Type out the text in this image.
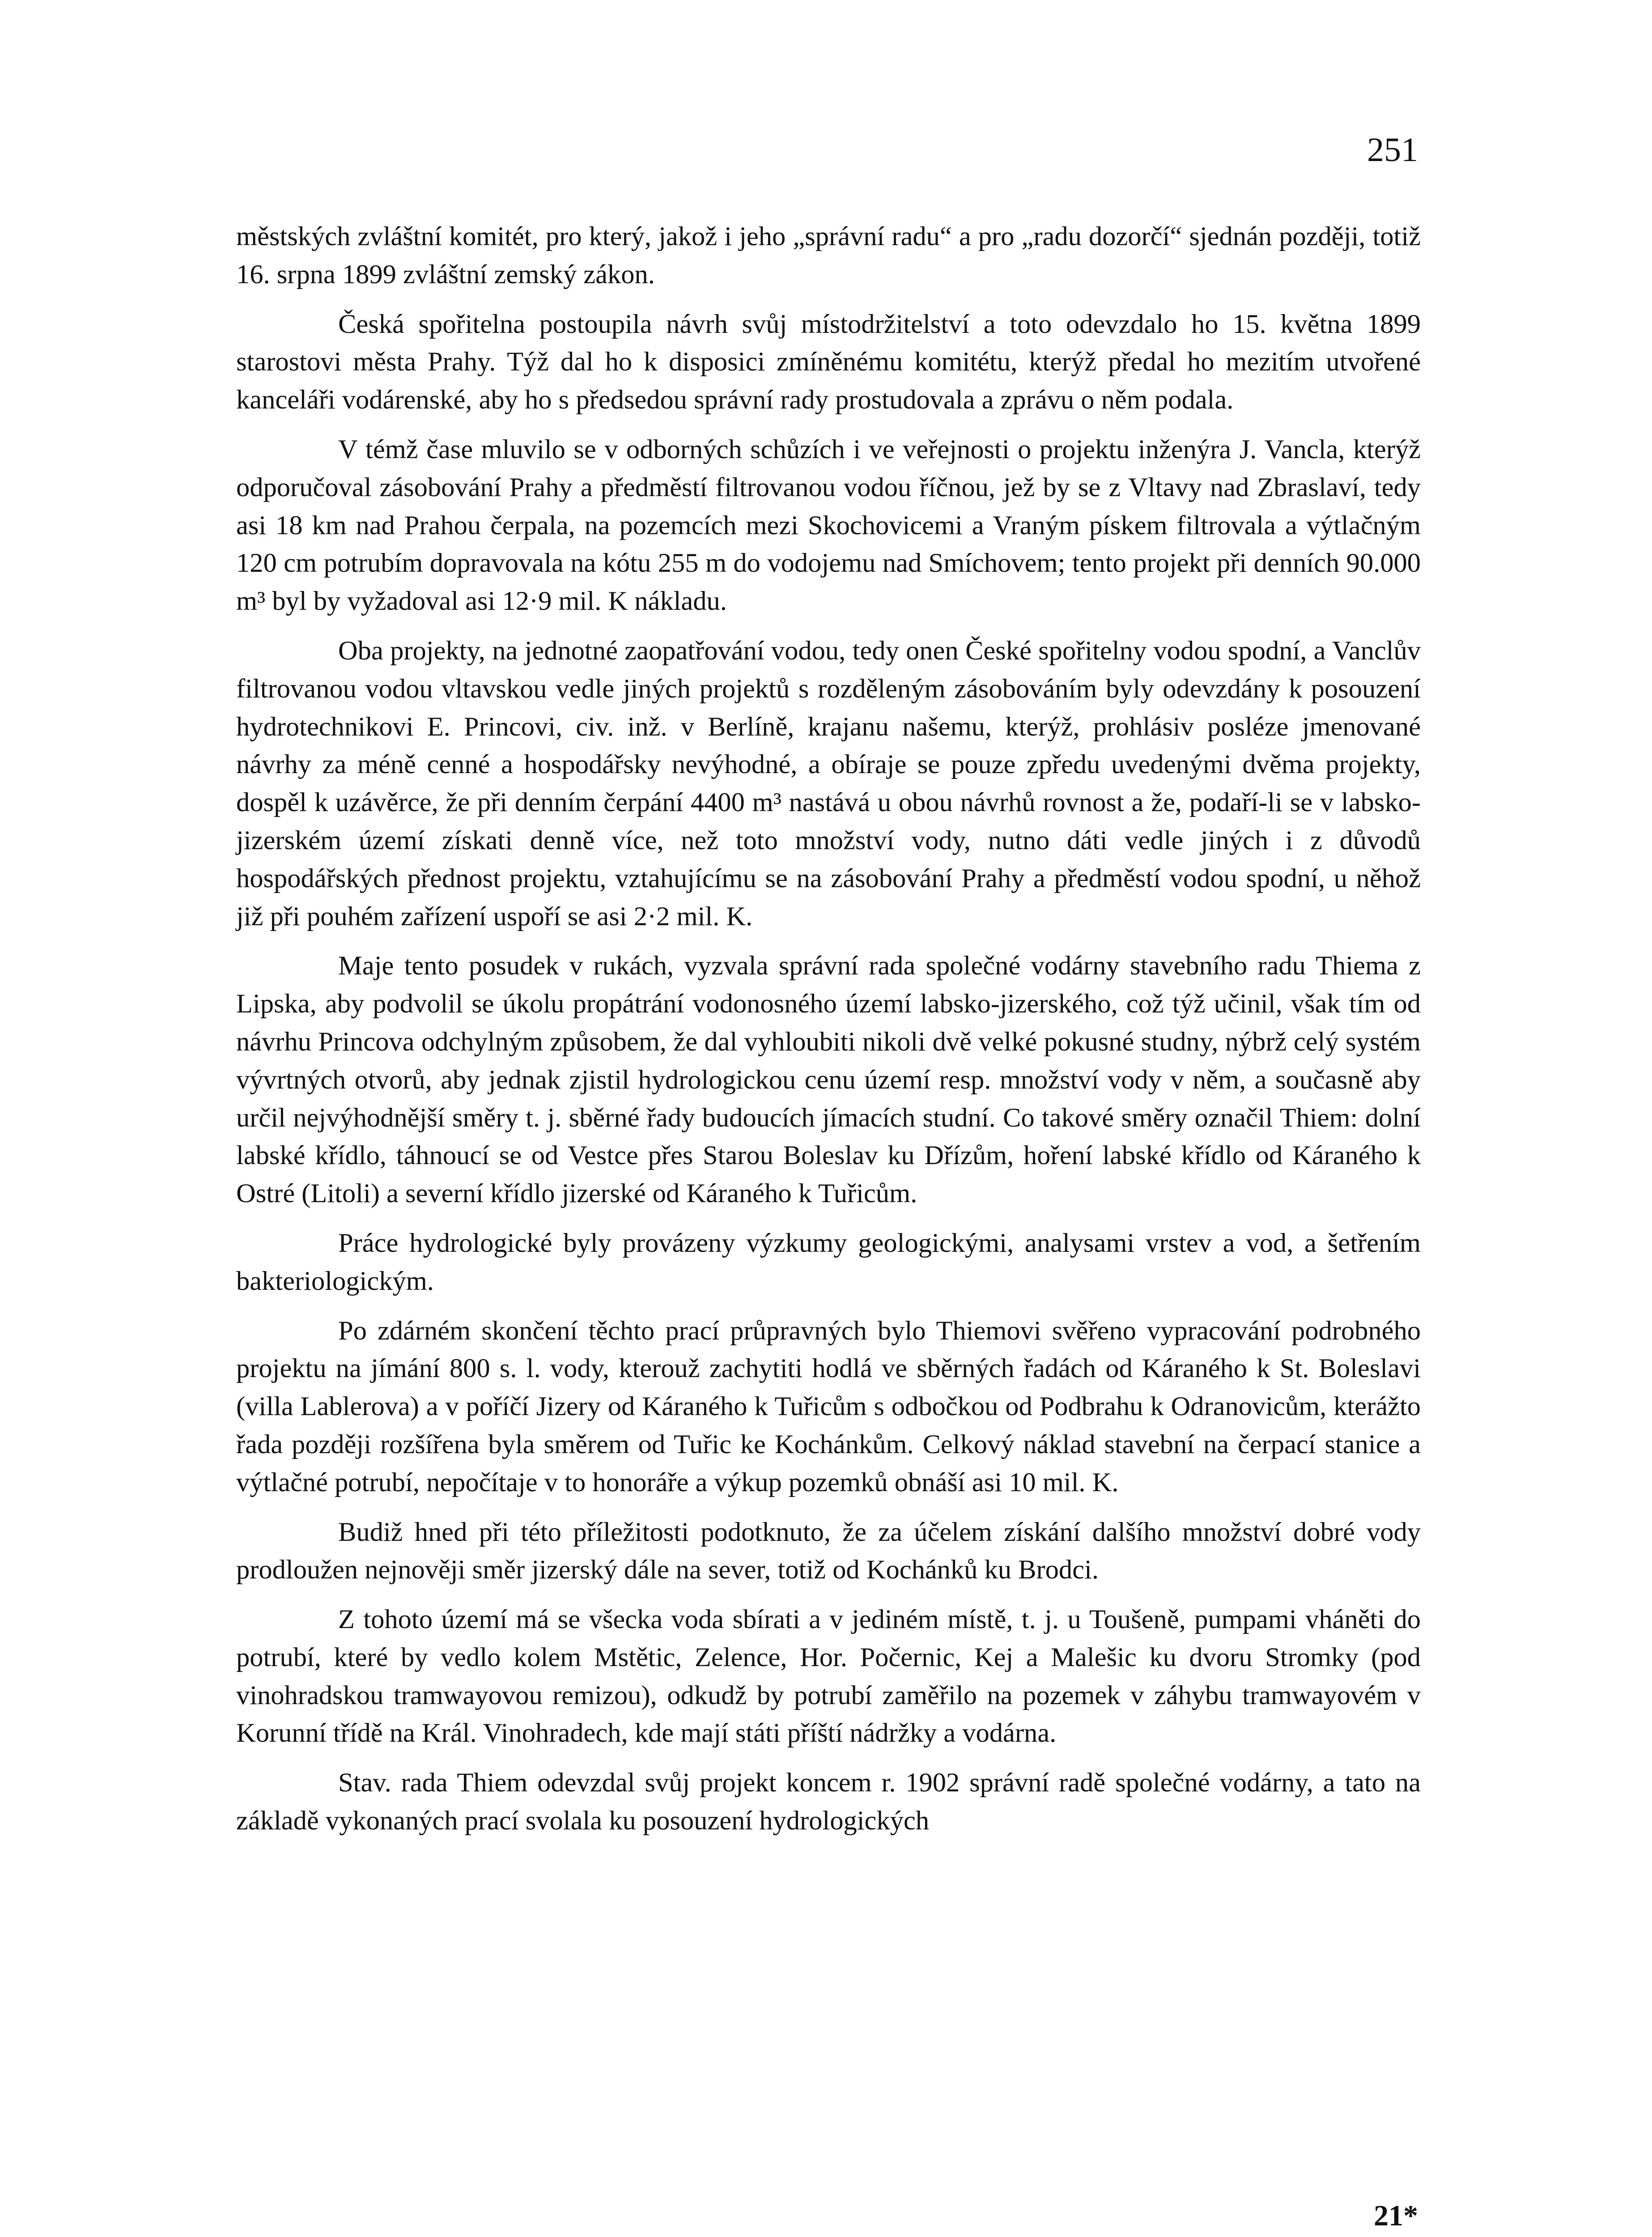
251

městských zvláštní komitét, pro který, jakož i jeho „správní radu“ a pro „radu dozorčí“ sjednán později, totiž 16. srpna 1899 zvláštní zemský zákon.

Česká spořitelna postoupila návrh svůj místodržitelství a toto odevzdalo ho 15. května 1899 starostovi města Prahy. Týž dal ho k disposici zmíněnému komitétu, kterýž předal ho mezitím utvořené kanceláři vodárenské, aby ho s předsedou správní rady prostudovala a zprávu o něm podala.

V témž čase mluvilo se v odborných schůzích i ve veřejnosti o projektu inženýra J. Vancla, kterýž odporučoval zásobování Prahy a předměstí filtrovanou vodou říčnou, jež by se z Vltavy nad Zbraslaví, tedy asi 18 km nad Prahou čerpala, na pozemcích mezi Skochovicemi a Vraným pískem filtrovala a výtlačným 120 cm potrubím dopravovala na kótu 255 m do vodojemu nad Smíchovem; tento projekt při denních 90.000 m³ byl by vyžadoval asi 12·9 mil. K nákladu.

Oba projekty, na jednotné zaopatřování vodou, tedy onen České spořitelny vodou spodní, a Vanclův filtrovanou vodou vltavskou vedle jiných projektů s rozděleným zásobováním byly odevzdány k posouzení hydrotechnikovi E. Princovi, civ. inž. v Berlíně, krajanu našemu, kterýž, prohlásiv posléze jmenované návrhy za méně cenné a hospodářsky nevýhodné, a obíraje se pouze zpředu uvedenými dvěma projekty, dospěl k uzávěrce, že při denním čerpání 4400 m³ nastává u obou návrhů rovnost a že, podaří-li se v labsko-jizerském území získati denně více, než toto množství vody, nutno dáti vedle jiných i z důvodů hospodářských přednost projektu, vztahujícímu se na zásobování Prahy a předměstí vodou spodní, u něhož již při pouhém zařízení uspoří se asi 2·2 mil. K.

Maje tento posudek v rukách, vyzvala správní rada společné vodárny stavebního radu Thiema z Lipska, aby podvolil se úkolu propátrání vodonosného území labsko-jizerského, což týž učinil, však tím od návrhu Princova odchylným způsobem, že dal vyhloubiti nikoli dvě velké pokusné studny, nýbrž celý systém vývrtných otvorů, aby jednak zjistil hydrologickou cenu území resp. množství vody v něm, a současně aby určil nejvýhodnější směry t. j. sběrné řady budoucích jímacích studní. Co takové směry označil Thiem: dolní labské křídlo, táhnoucí se od Vestce přes Starou Boleslav ku Dřízům, hoření labské křídlo od Káraného k Ostré (Litoli) a severní křídlo jizerské od Káraného k Tuřicům.

Práce hydrologické byly provázeny výzkumy geologickými, analysami vrstev a vod, a šetřením bakteriologickým.

Po zdárném skončení těchto prací průpravných bylo Thiemovi svěřeno vypracování podrobného projektu na jímání 800 s. l. vody, kterouž zachytiti hodlá ve sběrných řadách od Káraného k St. Boleslavi (villa Lablerova) a v poříčí Jizery od Káraného k Tuřicům s odbočkou od Podbrahu k Odranovicům, kterážto řada později rozšířena byla směrem od Tuřic ke Kochánkům. Celkový náklad stavební na čerpací stanice a výtlačné potrubí, nepočítaje v to honoráře a výkup pozemků obnáší asi 10 mil. K.

Budiž hned při této příležitosti podotknuto, že za účelem získání dalšího množství dobré vody prodloužen nejnověji směr jizerský dále na sever, totiž od Kochánků ku Brodci.

Z tohoto území má se všecka voda sbírati a v jediném místě, t. j. u Toušeně, pumpami vháněti do potrubí, které by vedlo kolem Mstětic, Zelence, Hor. Počernic, Kej a Malešic ku dvoru Stromky (pod vinohradskou tramwayovou remizou), odkudž by potrubí zaměřilo na pozemek v záhybu tramwayovém v Korunní třídě na Král. Vinohradech, kde mají státi příští nádržky a vodárna.

Stav. rada Thiem odevzdal svůj projekt koncem r. 1902 správní radě společné vodárny, a tato na základě vykonaných prací svolala ku posouzení hydrologických

21*
